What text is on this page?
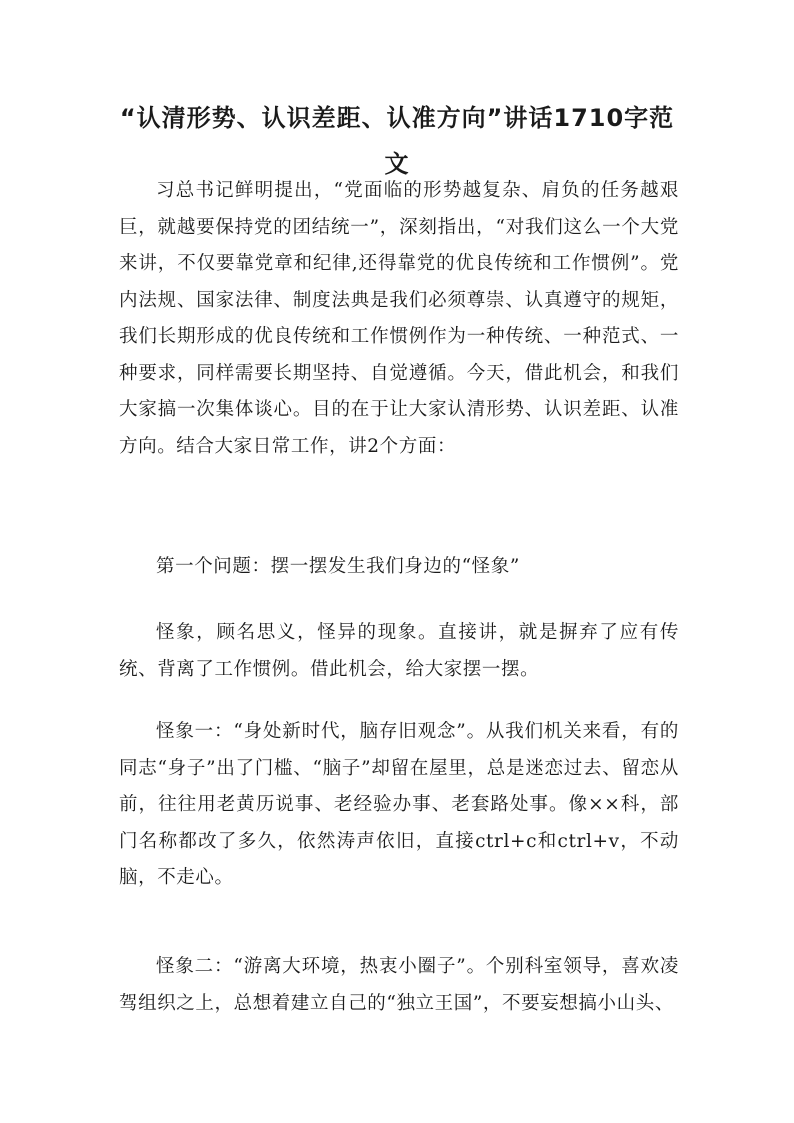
“认清形势、认识差距、认准方向”讲话1710字范文

习总书记鲜明提出，“党面临的形势越复杂、肩负的任务越艰巨，就越要保持党的团结统一”，深刻指出，“对我们这么一个大党来讲，不仅要靠党章和纪律,还得靠党的优良传统和工作惯例”。党内法规、国家法律、制度法典是我们必须尊崇、认真遵守的规矩，我们长期形成的优良传统和工作惯例作为一种传统、一种范式、一种要求，同样需要长期坚持、自觉遵循。今天，借此机会，和我们大家搞一次集体谈心。目的在于让大家认清形势、认识差距、认准方向。结合大家日常工作，讲2个方面：

第一个问题：摆一摆发生我们身边的“怪象”

怪象，顾名思义，怪异的现象。直接讲，就是摒弃了应有传统、背离了工作惯例。借此机会，给大家摆一摆。

怪象一：“身处新时代，脑存旧观念”。从我们机关来看，有的同志“身子”出了门槛、“脑子”却留在屋里，总是迷恋过去、留恋从前，往往用老黄历说事、老经验办事、老套路处事。像××科，部门名称都改了多久，依然涛声依旧，直接ctrl+c和ctrl+v，不动脑，不走心。

怪象二：“游离大环境，热衷小圈子”。个别科室领导，喜欢凌驾组织之上，总想着建立自己的“独立王国”，不要妄想搞小山头、
